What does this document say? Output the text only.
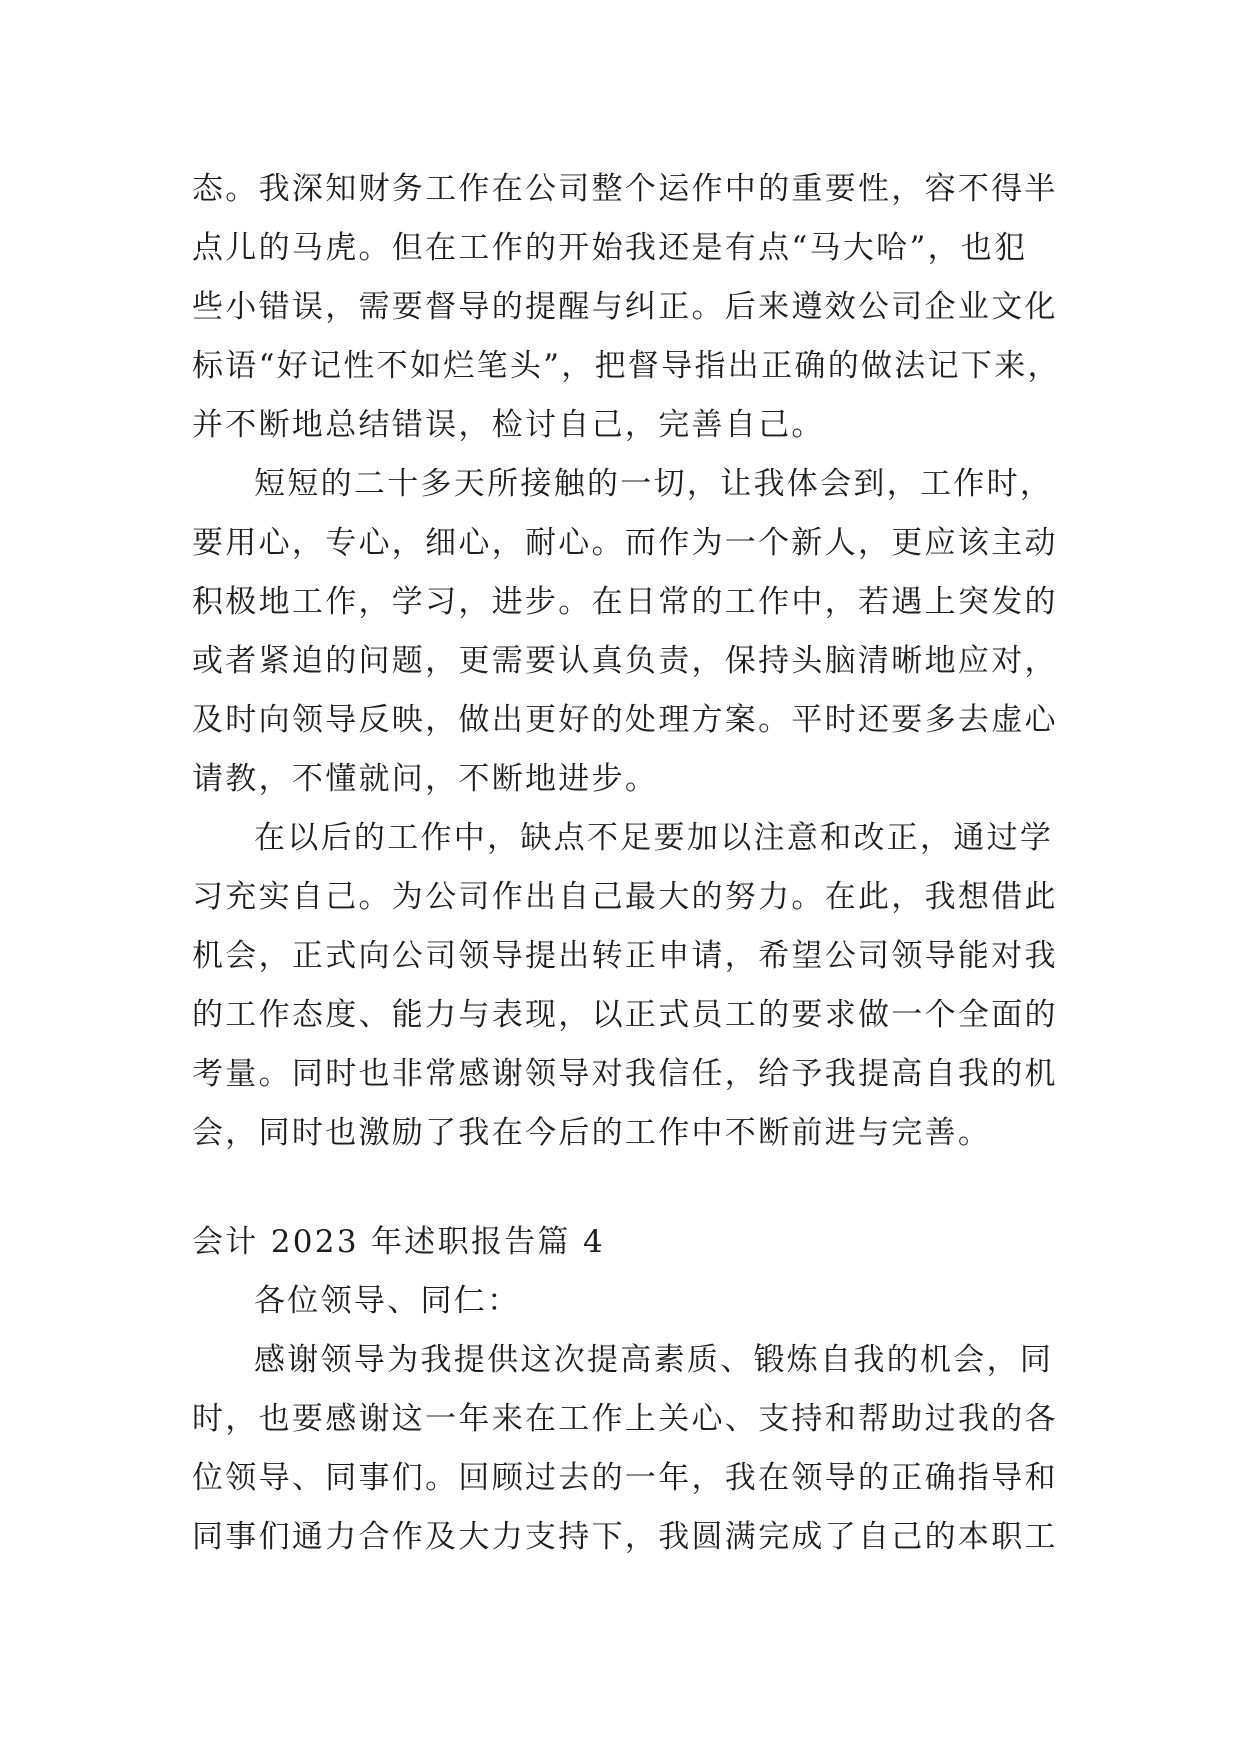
态。我深知财务工作在公司整个运作中的重要性，容不得半
点儿的马虎。但在工作的开始我还是有点“马大哈”，也犯
些小错误，需要督导的提醒与纠正。后来遵效公司企业文化
标语“好记性不如烂笔头”，把督导指出正确的做法记下来，
并不断地总结错误，检讨自己，完善自己。
短短的二十多天所接触的一切，让我体会到，工作时，
要用心，专心，细心，耐心。而作为一个新人，更应该主动
积极地工作，学习，进步。在日常的工作中，若遇上突发的
或者紧迫的问题，更需要认真负责，保持头脑清晰地应对，
及时向领导反映，做出更好的处理方案。平时还要多去虚心
请教，不懂就问，不断地进步。
在以后的工作中，缺点不足要加以注意和改正，通过学
习充实自己。为公司作出自己最大的努力。在此，我想借此
机会，正式向公司领导提出转正申请，希望公司领导能对我
的工作态度、能力与表现，以正式员工的要求做一个全面的
考量。同时也非常感谢领导对我信任，给予我提高自我的机
会，同时也激励了我在今后的工作中不断前进与完善。
会计 2023 年述职报告篇 4
各位领导、同仁：
感谢领导为我提供这次提高素质、锻炼自我的机会，同
时，也要感谢这一年来在工作上关心、支持和帮助过我的各
位领导、同事们。回顾过去的一年，我在领导的正确指导和
同事们通力合作及大力支持下，我圆满完成了自己的本职工
